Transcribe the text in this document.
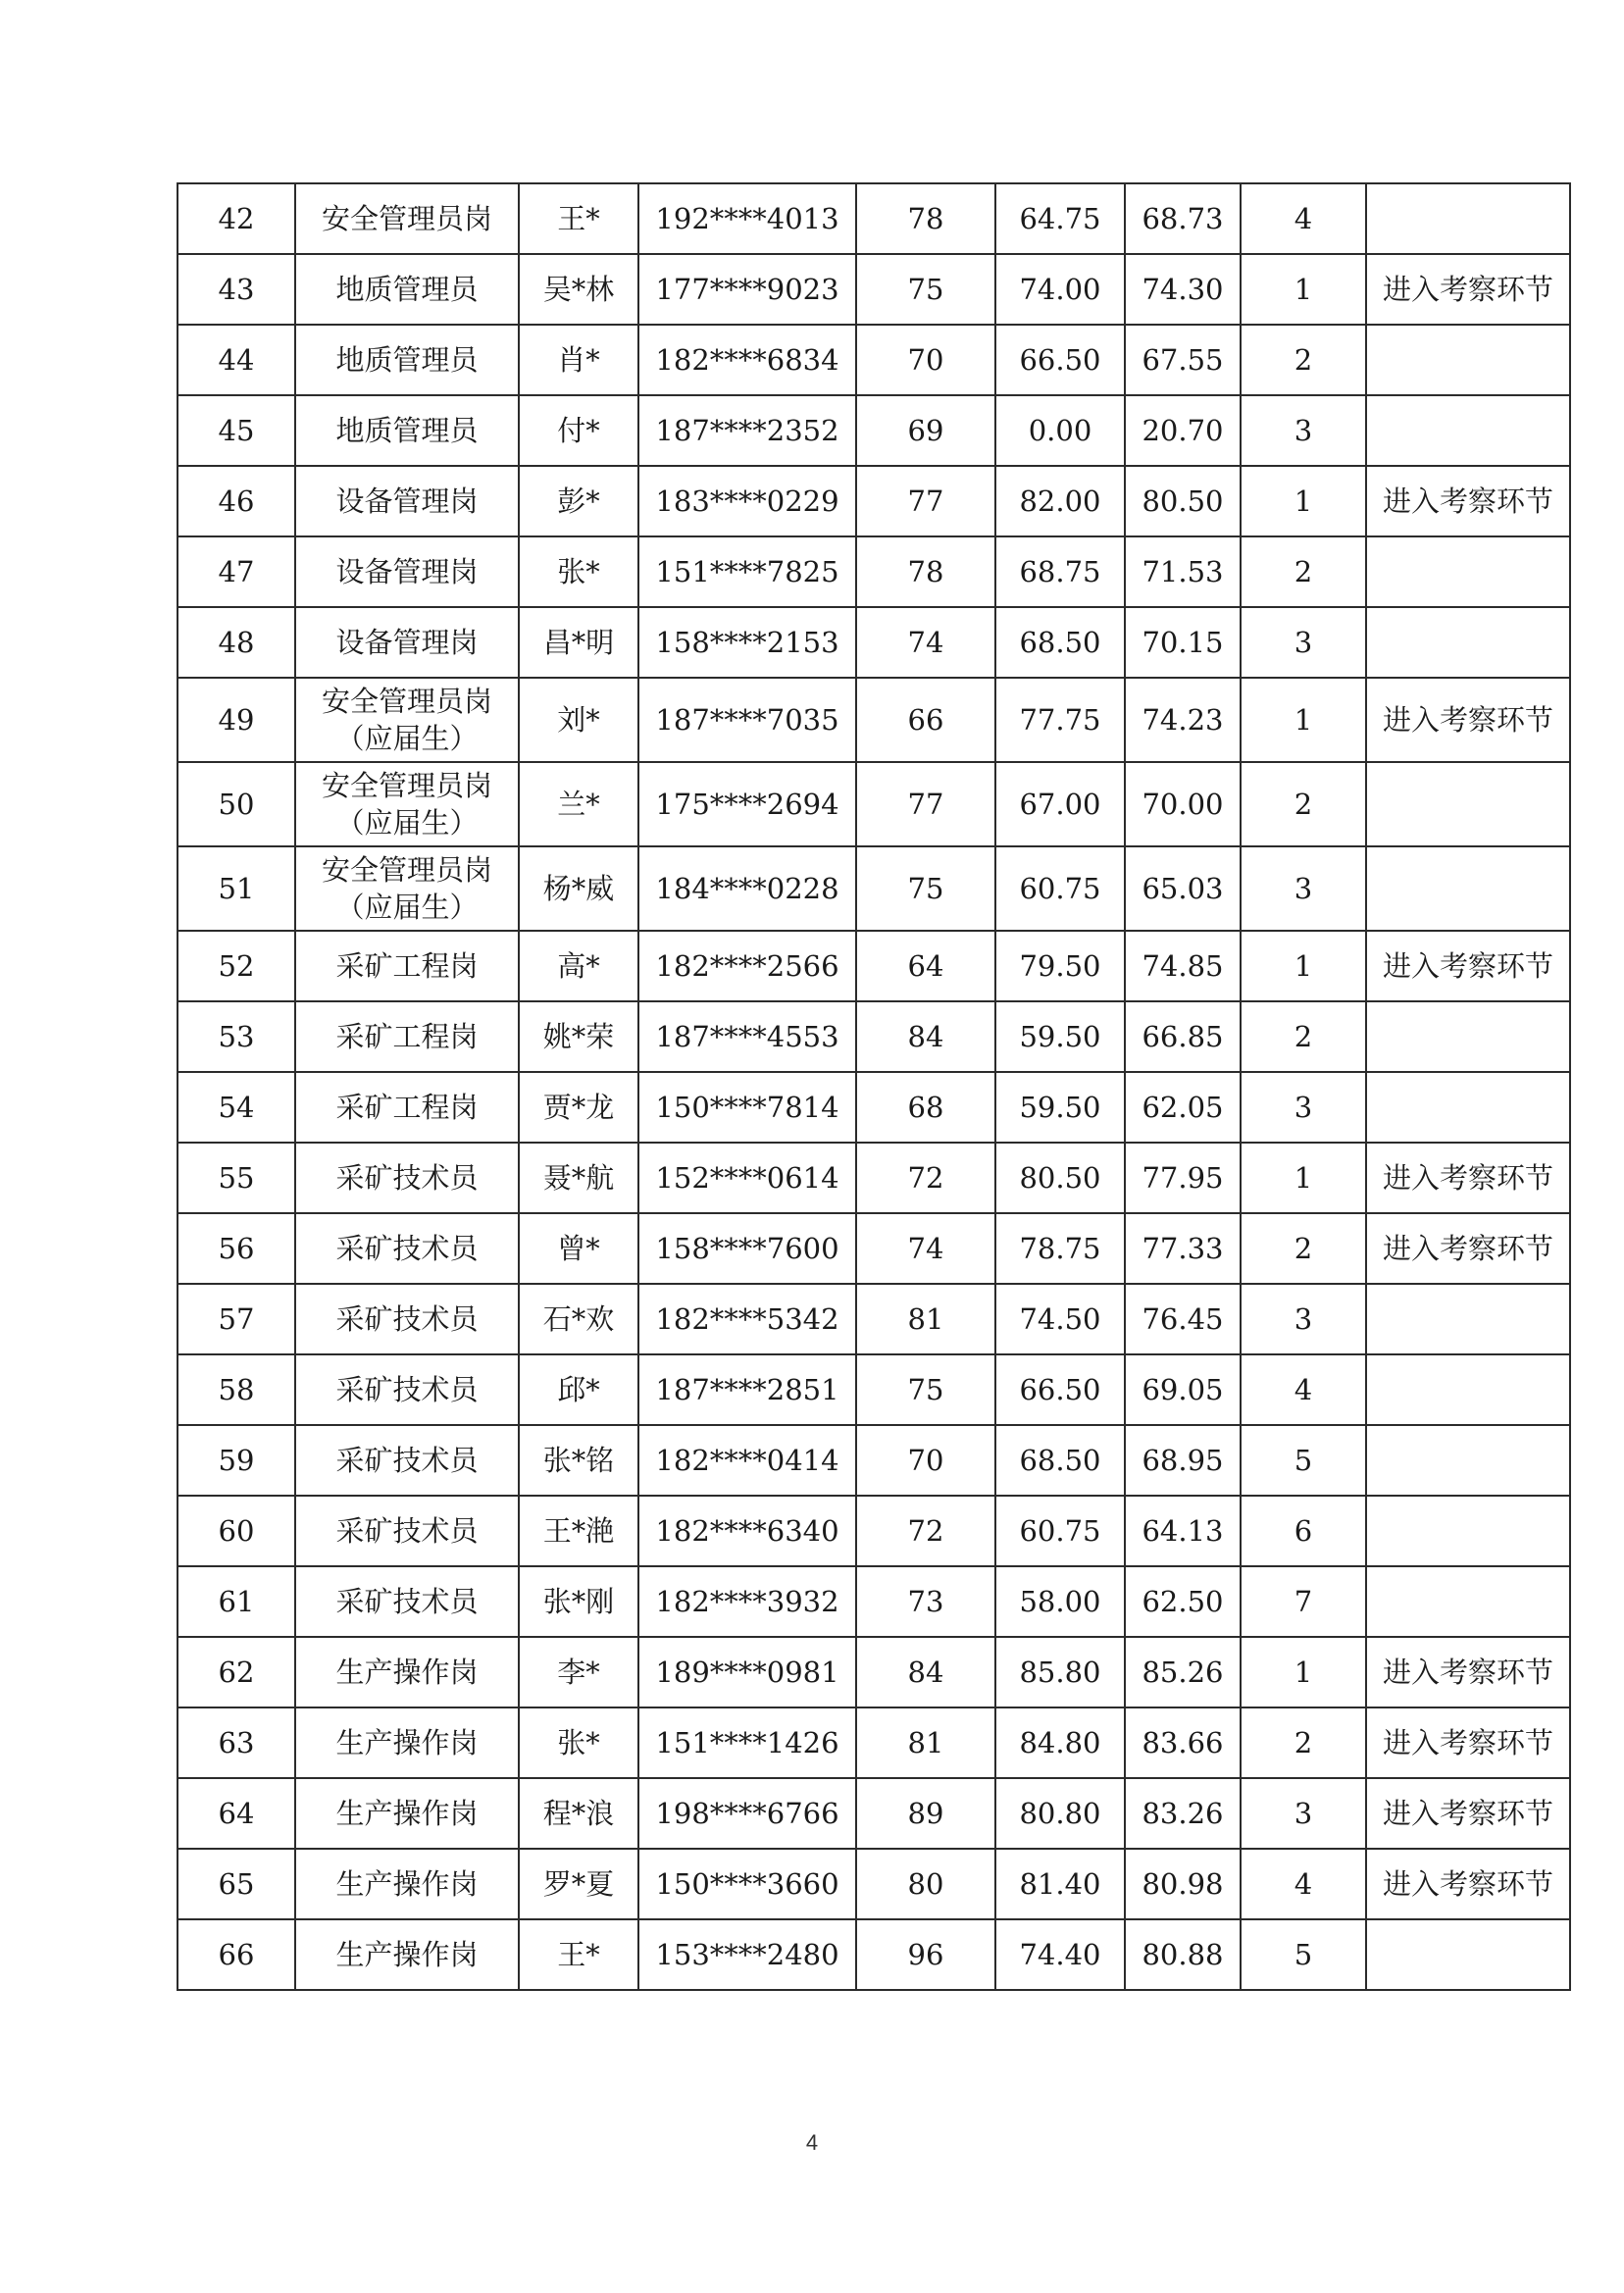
42	安全管理员岗	王*	192****4013	78	64.75	68.73	4	
43	地质管理员	吴*林	177****9023	75	74.00	74.30	1	进入考察环节
44	地质管理员	肖*	182****6834	70	66.50	67.55	2	
45	地质管理员	付*	187****2352	69	0.00	20.70	3	
46	设备管理岗	彭*	183****0229	77	82.00	80.50	1	进入考察环节
47	设备管理岗	张*	151****7825	78	68.75	71.53	2	
48	设备管理岗	昌*明	158****2153	74	68.50	70.15	3	
49	安全管理员岗（应届生）	刘*	187****7035	66	77.75	74.23	1	进入考察环节
50	安全管理员岗（应届生）	兰*	175****2694	77	67.00	70.00	2	
51	安全管理员岗（应届生）	杨*威	184****0228	75	60.75	65.03	3	
52	采矿工程岗	高*	182****2566	64	79.50	74.85	1	进入考察环节
53	采矿工程岗	姚*荣	187****4553	84	59.50	66.85	2	
54	采矿工程岗	贾*龙	150****7814	68	59.50	62.05	3	
55	采矿技术员	聂*航	152****0614	72	80.50	77.95	1	进入考察环节
56	采矿技术员	曾*	158****7600	74	78.75	77.33	2	进入考察环节
57	采矿技术员	石*欢	182****5342	81	74.50	76.45	3	
58	采矿技术员	邱*	187****2851	75	66.50	69.05	4	
59	采矿技术员	张*铭	182****0414	70	68.50	68.95	5	
60	采矿技术员	王*滟	182****6340	72	60.75	64.13	6	
61	采矿技术员	张*刚	182****3932	73	58.00	62.50	7	
62	生产操作岗	李*	189****0981	84	85.80	85.26	1	进入考察环节
63	生产操作岗	张*	151****1426	81	84.80	83.66	2	进入考察环节
64	生产操作岗	程*浪	198****6766	89	80.80	83.26	3	进入考察环节
65	生产操作岗	罗*夏	150****3660	80	81.40	80.98	4	进入考察环节
66	生产操作岗	王*	153****2480	96	74.40	80.88	5	
4
